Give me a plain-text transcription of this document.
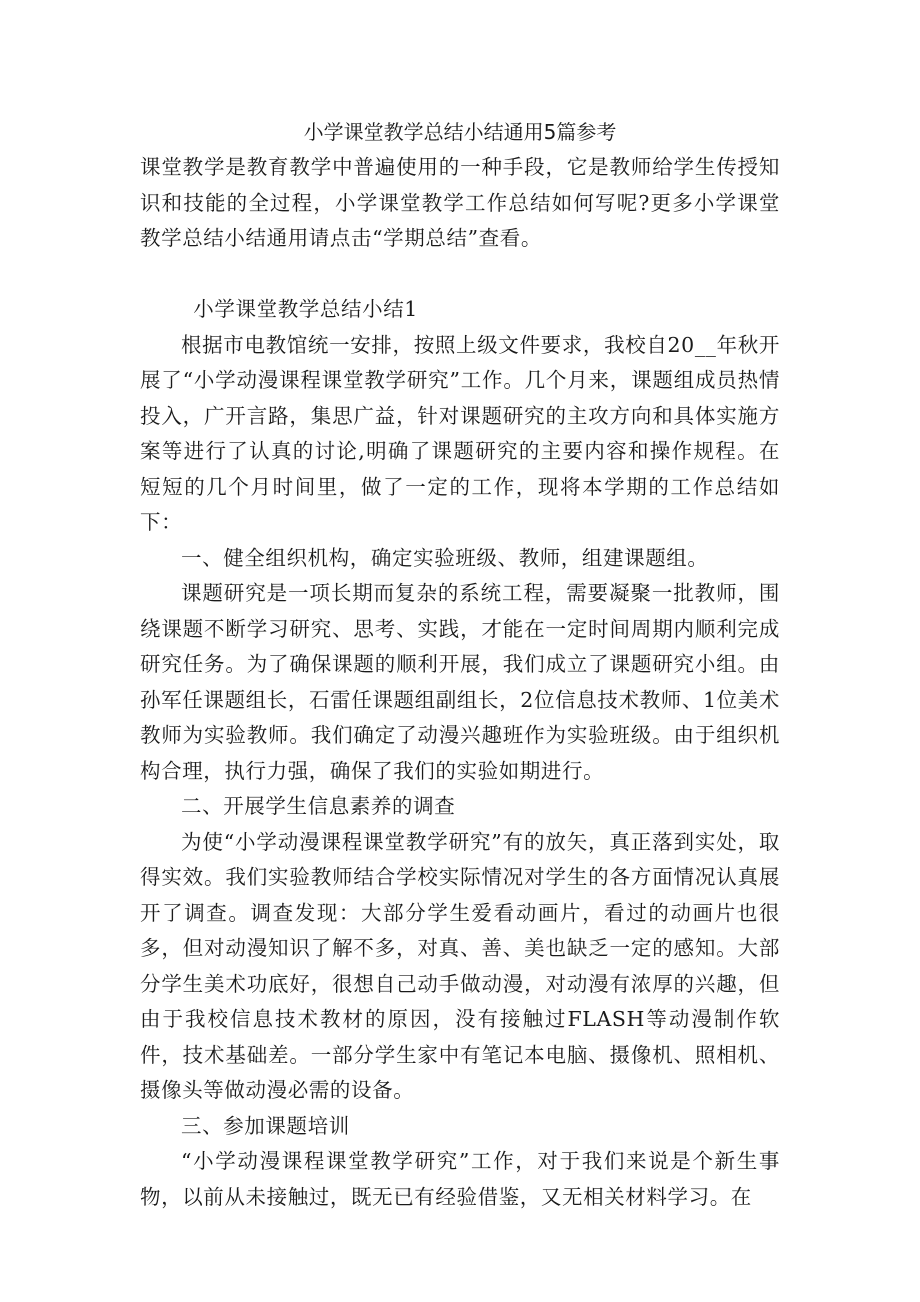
小学课堂教学总结小结通用5篇参考

课堂教学是教育教学中普遍使用的一种手段，它是教师给学生传授知识和技能的全过程，小学课堂教学工作总结如何写呢?更多小学课堂教学总结小结通用请点击“学期总结”查看。

小学课堂教学总结小结1

根据市电教馆统一安排，按照上级文件要求，我校自20__年秋开展了“小学动漫课程课堂教学研究”工作。几个月来，课题组成员热情投入，广开言路，集思广益，针对课题研究的主攻方向和具体实施方案等进行了认真的讨论,明确了课题研究的主要内容和操作规程。在短短的几个月时间里，做了一定的工作，现将本学期的工作总结如下：

一、健全组织机构，确定实验班级、教师，组建课题组。

课题研究是一项长期而复杂的系统工程，需要凝聚一批教师，围绕课题不断学习研究、思考、实践，才能在一定时间周期内顺利完成研究任务。为了确保课题的顺利开展，我们成立了课题研究小组。由孙军任课题组长，石雷任课题组副组长，2位信息技术教师、1位美术教师为实验教师。我们确定了动漫兴趣班作为实验班级。由于组织机构合理，执行力强，确保了我们的实验如期进行。

二、开展学生信息素养的调查

为使“小学动漫课程课堂教学研究”有的放矢，真正落到实处，取得实效。我们实验教师结合学校实际情况对学生的各方面情况认真展开了调查。调查发现：大部分学生爱看动画片，看过的动画片也很多，但对动漫知识了解不多，对真、善、美也缺乏一定的感知。大部分学生美术功底好，很想自己动手做动漫，对动漫有浓厚的兴趣，但由于我校信息技术教材的原因，没有接触过FLASH等动漫制作软件，技术基础差。一部分学生家中有笔记本电脑、摄像机、照相机、摄像头等做动漫必需的设备。

三、参加课题培训

“小学动漫课程课堂教学研究”工作，对于我们来说是个新生事物，以前从未接触过，既无已有经验借鉴，又无相关材料学习。在
